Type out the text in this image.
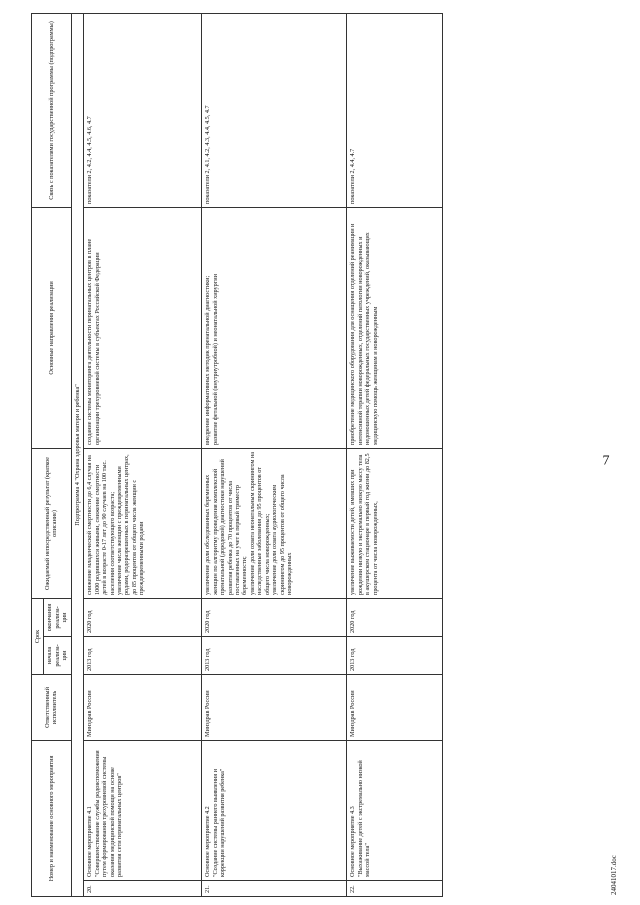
7
Номер и наименование основного мероприятия		Ответственный исполнитель	Срок		Ожидаемый непосредственный результат (краткое описание)	Основные направления реализации	Связь с показателями государственной программы (подпрограммы)
			начала реализа-ции	окончания реализа-ции			
Подпрограмма 4 "Охрана здоровья матери и ребенка"							
20.	Основное мероприятие 4.1
"Совершенствование службы родовспоможения путем формирования трехуровневой системы оказания медицинской помощи на основе развития сети перинатальных центров"	Минздрав России	2013 год	2020 год	снижение младенческой смертности до 6,4 случая на 1000 родившихся живыми, снижение смертности детей в возрасте 0-17 лет до 90 случаев на 100 тыс. населения соответствующего возраста;
увеличение числа женщин с преждевременными родами, родоразрешенных в перинатальных центрах, до 85 процентов от общего числа женщин с преждевременными родами	создание системы мониторинга деятельности перинатальных центров в плане организации трехуровневой системы в субъектах Российской Федерации	показатели 2, 4.2, 4.4, 4.5, 4.6, 4.7
21.	Основное мероприятие 4.2
"Создание системы раннего выявления и коррекции нарушений развития ребенка"	Минздрав России	2013 год	2020 год	увеличение доли обследованных беременных женщин по алгоритму проведения комплексной пренатальной (дородовой) диагностики нарушений развития ребенка до 70 процентов от числа поставленных на учет в первый триместр беременности;
увеличение доли охвата неонатальным скринингом на наследственные заболевания до 95 процентов от общего числа новорожденных;
увеличение доли охвата аудиологическим скринингом до 95 процентов от общего числа новорожденных	внедрение информативных методик пренатальной диагностики;
развитие фетальной (внутриутробной) и неонатальной хирургии	показатели 2, 4.1, 4.2, 4.3, 4.4, 4.5, 4.7
22.	Основное мероприятие 4.3
"Выхаживание детей с экстремально низкой массой тела"	Минздрав России	2013 год	2020 год	увеличение выживаемости детей, имевших при рождении низкую и экстремально низкую массу тела в акушерском стационаре в первый год жизни до 82,5 процента от числа новорожденных,	приобретение медицинского оборудования для оснащения отделений реанимации и интенсивной терапии новорожденных, отделений патологии новорожденных и недоношенных детей федеральных государственных учреждений, оказывающих медицинскую помощь женщинам и новорожденным	показатели 2, 4.4, 4.7
24041017.doc
